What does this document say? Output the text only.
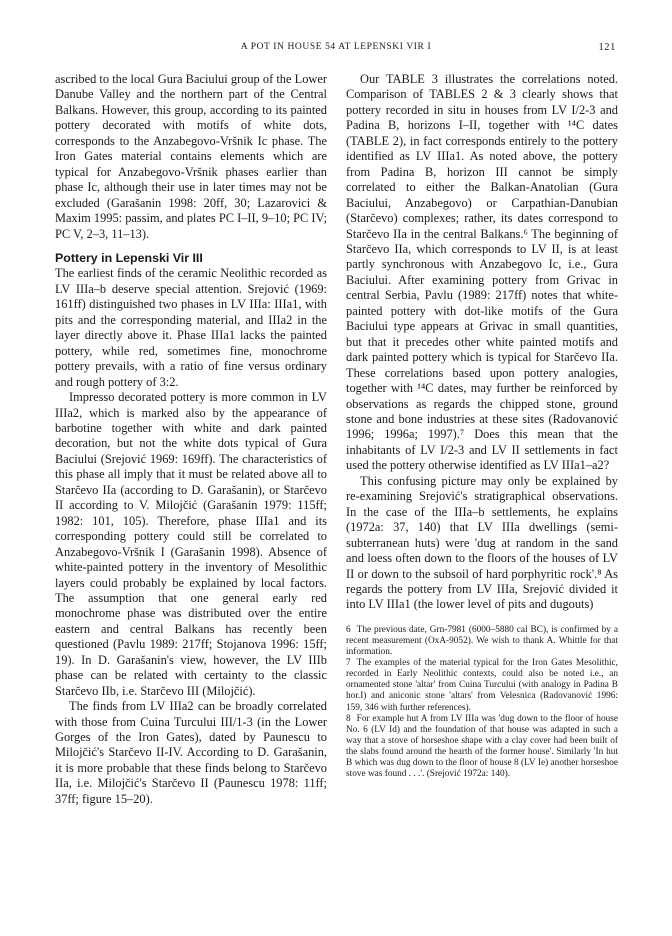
A POT IN HOUSE 54 AT LEPENSKI VIR I	121

ascribed to the local Gura Baciului group of the Lower Danube Valley and the northern part of the Central Balkans. However, this group, according to its painted pottery decorated with motifs of white dots, corresponds to the Anzabegovo-Vršnik Ic phase. The Iron Gates material contains elements which are typical for Anzabegovo-Vršnik phases earlier than phase Ic, although their use in later times may not be excluded (Garašanin 1998: 20ff, 30; Lazarovici & Maxim 1995: passim, and plates PC I–II, 9–10; PC IV; PC V, 2–3, 11–13).

Pottery in Lepenski Vir III

The earliest finds of the ceramic Neolithic recorded as LV IIIa–b deserve special attention. Srejović (1969: 161ff) distinguished two phases in LV IIIa: IIIa1, with pits and the corresponding material, and IIIa2 in the layer directly above it. Phase IIIa1 lacks the painted pottery, while red, sometimes fine, monochrome pottery prevails, with a ratio of fine versus ordinary and rough pottery of 3:2.

Impresso decorated pottery is more common in LV IIIa2, which is marked also by the appearance of barbotine together with white and dark painted decoration, but not the white dots typical of Gura Baciului (Srejović 1969: 169ff). The characteristics of this phase all imply that it must be related above all to Starčevo IIa (according to D. Garašanin), or Starčevo II according to V. Milojčić (Garašanin 1979: 115ff; 1982: 101, 105). Therefore, phase IIIa1 and its corresponding pottery could still be correlated to Anzabegovo-Vršnik I (Garašanin 1998). Absence of white-painted pottery in the inventory of Mesolithic layers could probably be explained by local factors. The assumption that one general early red monochrome phase was distributed over the entire eastern and central Balkans has recently been questioned (Pavlu 1989: 217ff; Stojanova 1996: 15ff; 19). In D. Garašanin's view, however, the LV IIIb phase can be related with certainty to the classic Starčevo IIb, i.e. Starčevo III (Milojčić).

The finds from LV IIIa2 can be broadly correlated with those from Cuina Turcului III/1-3 (in the Lower Gorges of the Iron Gates), dated by Paunescu to Milojčić's Starčevo II-IV. According to D. Garašanin, it is more probable that these finds belong to Starčevo IIa, i.e. Milojčić's Starčevo II (Paunescu 1978: 11ff; 37ff; figure 15–20).

Our TABLE 3 illustrates the correlations noted. Comparison of TABLES 2 & 3 clearly shows that pottery recorded in situ in houses from LV I/2-3 and Padina B, horizons I–II, together with ¹⁴C dates (TABLE 2), in fact corresponds entirely to the pottery identified as LV IIIa1. As noted above, the pottery from Padina B, horizon III cannot be simply correlated to either the Balkan-Anatolian (Gura Baciului, Anzabegovo) or Carpathian-Danubian (Starčevo) complexes; rather, its dates correspond to Starčevo IIa in the central Balkans.⁶ The beginning of Starčevo IIa, which corresponds to LV II, is at least partly synchronous with Anzabegovo Ic, i.e., Gura Baciului. After examining pottery from Grivac in central Serbia, Pavlu (1989: 217ff) notes that white-painted pottery with dot-like motifs of the Gura Baciului type appears at Grivac in small quantities, but that it precedes other white painted motifs and dark painted pottery which is typical for Starčevo IIa. These correlations based upon pottery analogies, together with ¹⁴C dates, may further be reinforced by observations as regards the chipped stone, ground stone and bone industries at these sites (Radovanović 1996; 1996a; 1997).⁷ Does this mean that the inhabitants of LV I/2-3 and LV II settlements in fact used the pottery otherwise identified as LV IIIa1–a2?

This confusing picture may only be explained by re-examining Srejović's stratigraphical observations. In the case of the IIIa–b settlements, he explains (1972a: 37, 140) that LV IIIa dwellings (semi-subterranean huts) were 'dug at random in the sand and loess often down to the floors of the houses of LV II or down to the subsoil of hard porphyritic rock'.⁸ As regards the pottery from LV IIIa, Srejović divided it into LV IIIa1 (the lower level of pits and dugouts)

6 The previous date, Grn-7981 (6000–5880 cal BC), is confirmed by a recent measurement (OxA-9052). We wish to thank A. Whittle for that information.

7 The examples of the material typical for the Iron Gates Mesolithic, recorded in Early Neolithic contexts, could also be noted i.e., an ornamented stone 'altar' from Cuina Turcului (with analogy in Padina B hor.I) and aniconic stone 'altars' from Velesnica (Radovanović 1996: 159, 346 with further references).

8 For example hut A from LV IIIa was 'dug down to the floor of house No. 6 (LV Id) and the foundation of that house was adapted in such a way that a stove of horseshoe shape with a clay cover had been built of the slabs found around the hearth of the former house'. Similarly 'In hut B which was dug down to the floor of house 8 (LV Ie) another horseshoe stove was found . . .'. (Srejović 1972a: 140).
